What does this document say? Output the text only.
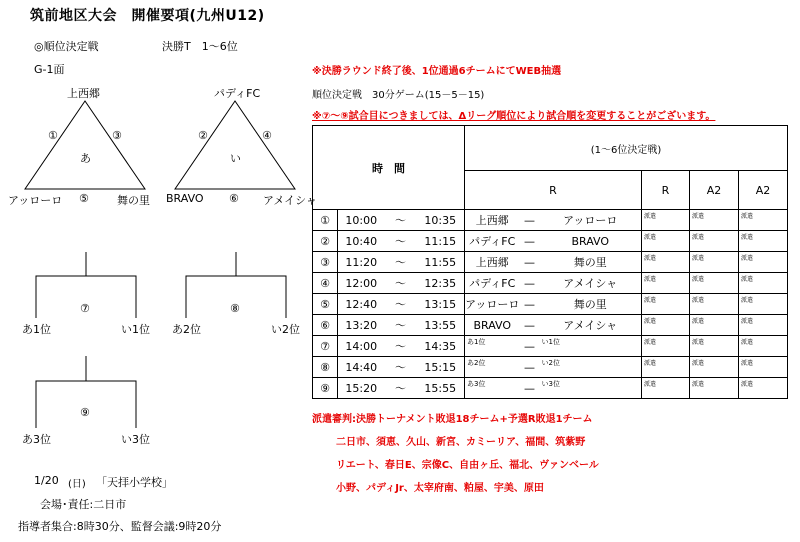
筑前地区大会　開催要項(九州U12)
◎順位決定戦	決勝T　1～6位
G-1面
上西郷
①	③
あ
アッローロ ⑤	舞の里
パディFC
②	④
い
BRAVO ⑥ アメイシャ
⑦
あ1位	い1位
⑧
あ2位	い2位
⑨
あ3位	い3位
1/20 (日) 「天拝小学校」
会場･責任:二日市
指導者集合:8時30分、監督会議:9時20分
※決勝ラウンド終了後、1位通過6チームにてWEB抽選
順位決定戦　30分ゲーム(15－5－15)
※⑦～⑨試合目につきましては、Δリーグ順位により試合順を変更することがございます。
時　間				(1～6位決定戦)					
				R			R	A2	A2
①	10:00	～	10:35	上西郷	—	アッローロ	派遣	派遣	派遣

②	10:40	～	11:15	パディFC	—	BRAVO	派遣	派遣	派遣

③	11:20	～	11:55	上西郷	—	舞の里	派遣	派遣	派遣

④	12:00	～	12:35	パディFC	—	アメイシャ	派遣	派遣	派遣

⑤	12:40	～	13:15	アッローロ	—	舞の里	派遣	派遣	派遣

⑥	13:20	～	13:55	BRAVO	—	アメイシャ	派遣	派遣	派遣

⑦	14:00	～	14:35	あ1位	—	い1位	派遣	派遣	派遣

⑧	14:40	～	15:15	あ2位	—	い2位	派遣	派遣	派遣

⑨	15:20	～	15:55	あ3位	—	い3位	派遣	派遣	派遣
派遣審判:決勝トーナメント敗退18チーム+予選R敗退1チーム
二日市、須恵、久山、新宮、カミーリア、福間、筑紫野
リエート、春日E、宗像C、自由ヶ丘、福北、ヴァンベール
小野、パディJr、太宰府南、粕屋、宇美、原田
